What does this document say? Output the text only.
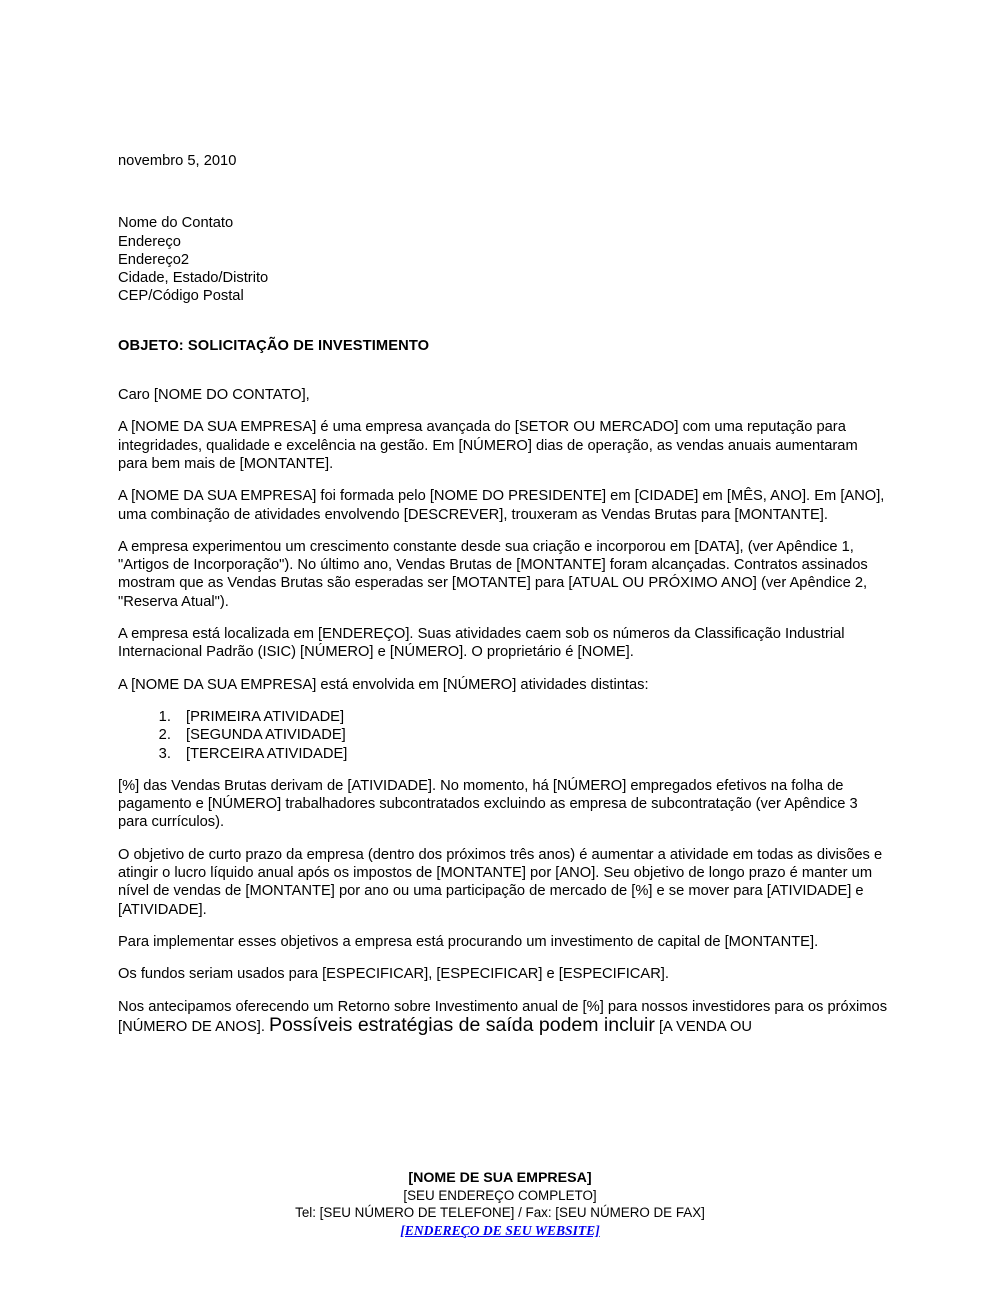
novembro 5, 2010
Nome do Contato
Endereço
Endereço2
Cidade, Estado/Distrito
CEP/Código Postal
OBJETO: SOLICITAÇÃO DE INVESTIMENTO
Caro [NOME DO CONTATO],

A [NOME DA SUA EMPRESA] é uma empresa avançada do [SETOR OU MERCADO] com uma reputação para integridades, qualidade e excelência na gestão. Em [NÚMERO] dias de operação, as vendas anuais aumentaram para bem mais de [MONTANTE].

A [NOME DA SUA EMPRESA] foi formada pelo [NOME DO PRESIDENTE] em [CIDADE] em [MÊS, ANO]. Em [ANO], uma combinação de atividades envolvendo [DESCREVER], trouxeram as Vendas Brutas para [MONTANTE].

A empresa experimentou um crescimento constante desde sua criação e incorporou em [DATA], (ver Apêndice 1, "Artigos de Incorporação"). No último ano, Vendas Brutas de [MONTANTE] foram alcançadas. Contratos assinados mostram que as Vendas Brutas são esperadas ser [MOTANTE] para [ATUAL OU PRÓXIMO ANO] (ver Apêndice 2, "Reserva Atual").

A empresa está localizada em [ENDEREÇO]. Suas atividades caem sob os números da Classificação Industrial Internacional Padrão (ISIC) [NÚMERO] e [NÚMERO]. O proprietário é [NOME].

A [NOME DA SUA EMPRESA] está envolvida em [NÚMERO] atividades distintas:

1. [PRIMEIRA ATIVIDADE]
2. [SEGUNDA ATIVIDADE]
3. [TERCEIRA ATIVIDADE]

[%] das Vendas Brutas derivam de [ATIVIDADE]. No momento, há [NÚMERO] empregados efetivos na folha de pagamento e [NÚMERO] trabalhadores subcontratados excluindo as empresa de subcontratação (ver Apêndice 3 para currículos).

O objetivo de curto prazo da empresa (dentro dos próximos três anos) é aumentar a atividade em todas as divisões e atingir o lucro líquido anual após os impostos de [MONTANTE] por [ANO]. Seu objetivo de longo prazo é manter um nível de vendas de [MONTANTE] por ano ou uma participação de mercado de [%] e se mover para [ATIVIDADE] e [ATIVIDADE].

Para implementar esses objetivos a empresa está procurando um investimento de capital de [MONTANTE].

Os fundos seriam usados para [ESPECIFICAR], [ESPECIFICAR] e [ESPECIFICAR].

Nos antecipamos oferecendo um Retorno sobre Investimento anual de [%] para nossos investidores para os próximos [NÚMERO DE ANOS]. Possíveis estratégias de saída podem incluir [A VENDA OU

[NOME DE SUA EMPRESA]
[SEU ENDEREÇO COMPLETO]
Tel: [SEU NÚMERO DE TELEFONE] / Fax: [SEU NÚMERO DE FAX]
[ENDEREÇO DE SEU WEBSITE]
